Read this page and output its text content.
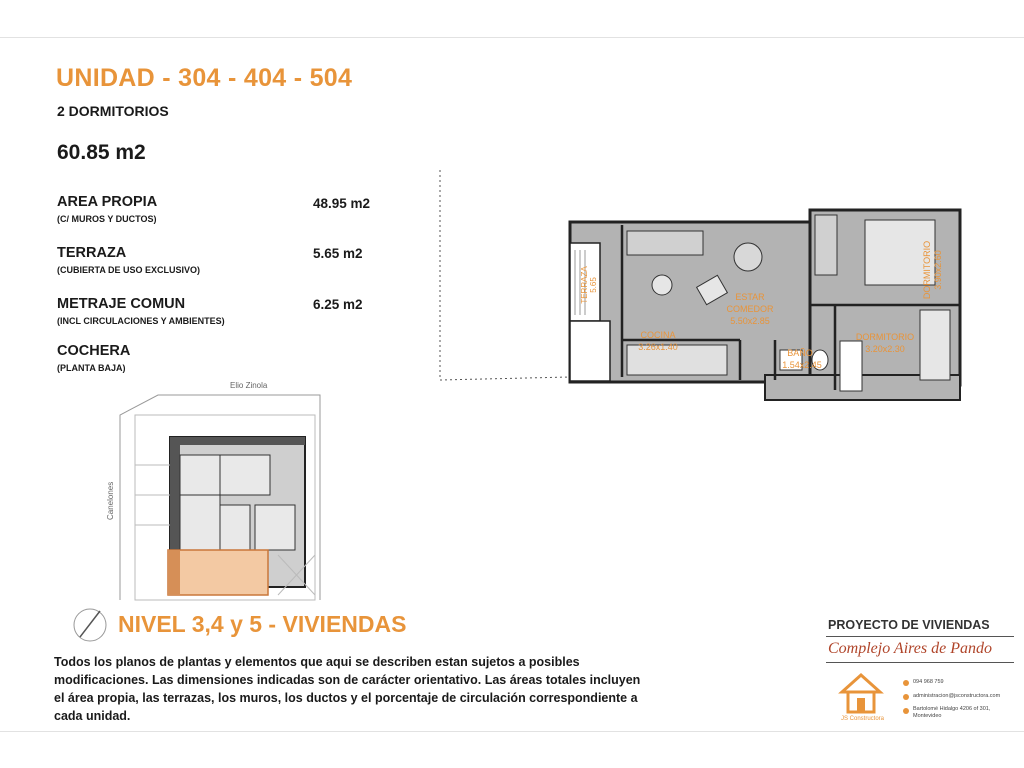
UNIDAD - 304 - 404 - 504
2 DORMITORIOS
60.85 m2
AREA PROPIA
(C/ MUROS Y DUCTOS)
48.95 m2
TERRAZA
(CUBIERTA DE USO EXCLUSIVO)
5.65 m2
METRAJE COMUN
(INCL CIRCULACIONES Y AMBIENTES)
6.25 m2
COCHERA
(PLANTA BAJA)
ESTAR
COMEDOR
5.50x2.85
COCINA
3.26x1.40
BAÑO
1.54x2.45
DORMITORIO
3.20x2.30
DORMITORIO 3.90x2.60
TERRAZA 5.65
Elio Zinola
Canelones
NIVEL 3,4 y 5 - VIVIENDAS
Todos los planos de plantas y elementos que aqui se describen estan sujetos a posibles modificaciones. Las dimensiones indicadas son de carácter orientativo. Las áreas totales incluyen el área propia, las terrazas, los muros, los ductos y el porcentaje de circulación correspondiente a cada unidad.
PROYECTO DE VIVIENDAS
Complejo Aires de Pando
JS Constructora
094 968 759
administracion@jsconstructora.com
Bartolomé Hidalgo 4206 of 301,
Montevideo
